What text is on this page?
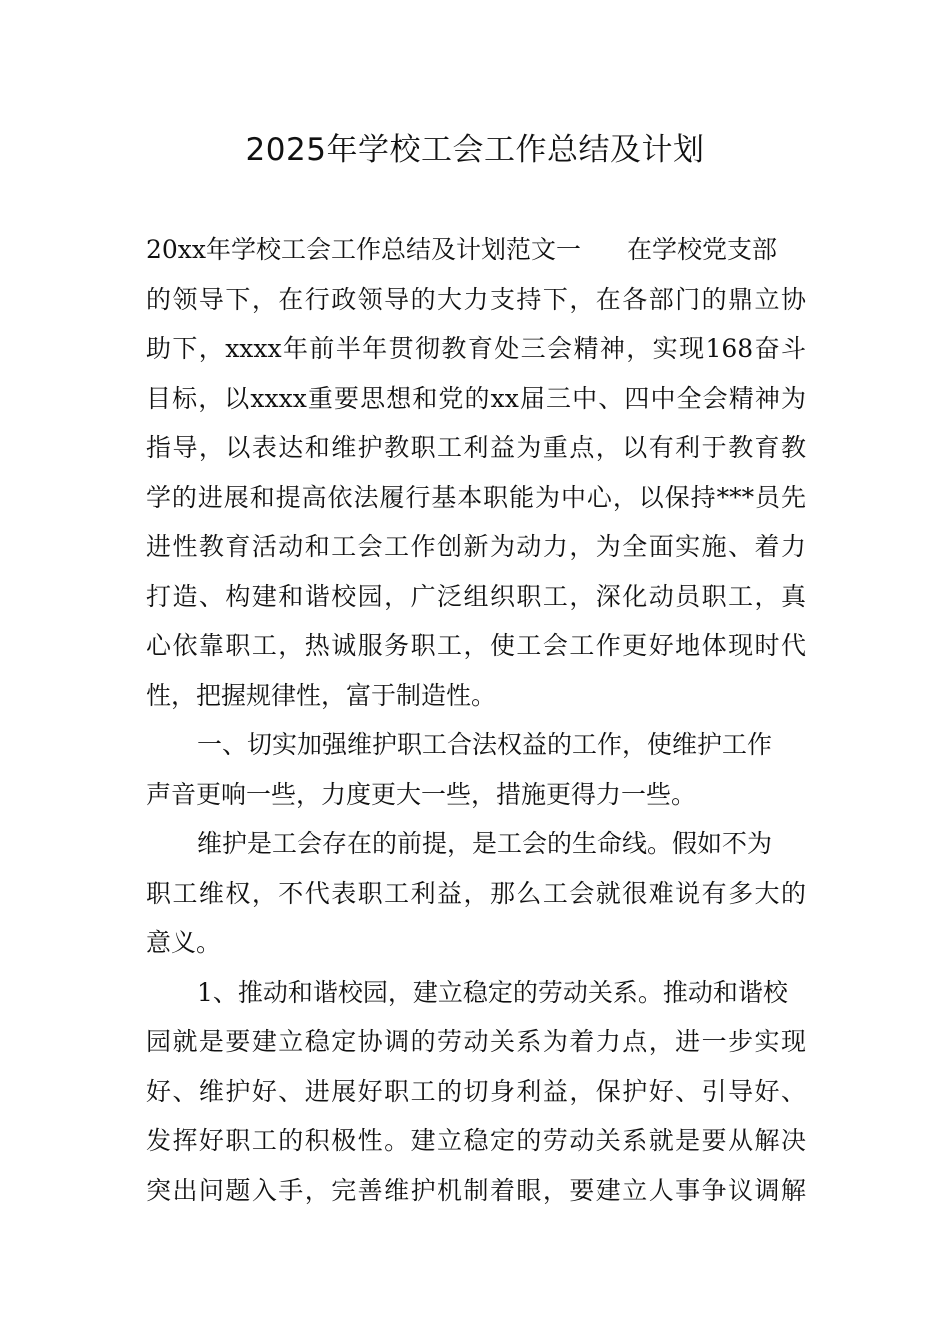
2025年学校工会工作总结及计划
20xx年学校工会工作总结及计划范文一 在学校党支部
的领导下，在行政领导的大力支持下，在各部门的鼎立协
助下，xxxx年前半年贯彻教育处三会精神，实现168奋斗
目标，以xxxx重要思想和党的xx届三中、四中全会精神为
指导，以表达和维护教职工利益为重点，以有利于教育教
学的进展和提高依法履行基本职能为中心，以保持***员先
进性教育活动和工会工作创新为动力，为全面实施、着力
打造、构建和谐校园，广泛组织职工，深化动员职工，真
心依靠职工，热诚服务职工，使工会工作更好地体现时代
性，把握规律性，富于制造性。
一、切实加强维护职工合法权益的工作，使维护工作
声音更响一些，力度更大一些，措施更得力一些。
维护是工会存在的前提，是工会的生命线。假如不为
职工维权，不代表职工利益，那么工会就很难说有多大的
意义。
1、推动和谐校园，建立稳定的劳动关系。推动和谐校
园就是要建立稳定协调的劳动关系为着力点，进一步实现
好、维护好、进展好职工的切身利益，保护好、引导好、
发挥好职工的积极性。建立稳定的劳动关系就是要从解决
突出问题入手，完善维护机制着眼，要建立人事争议调解
